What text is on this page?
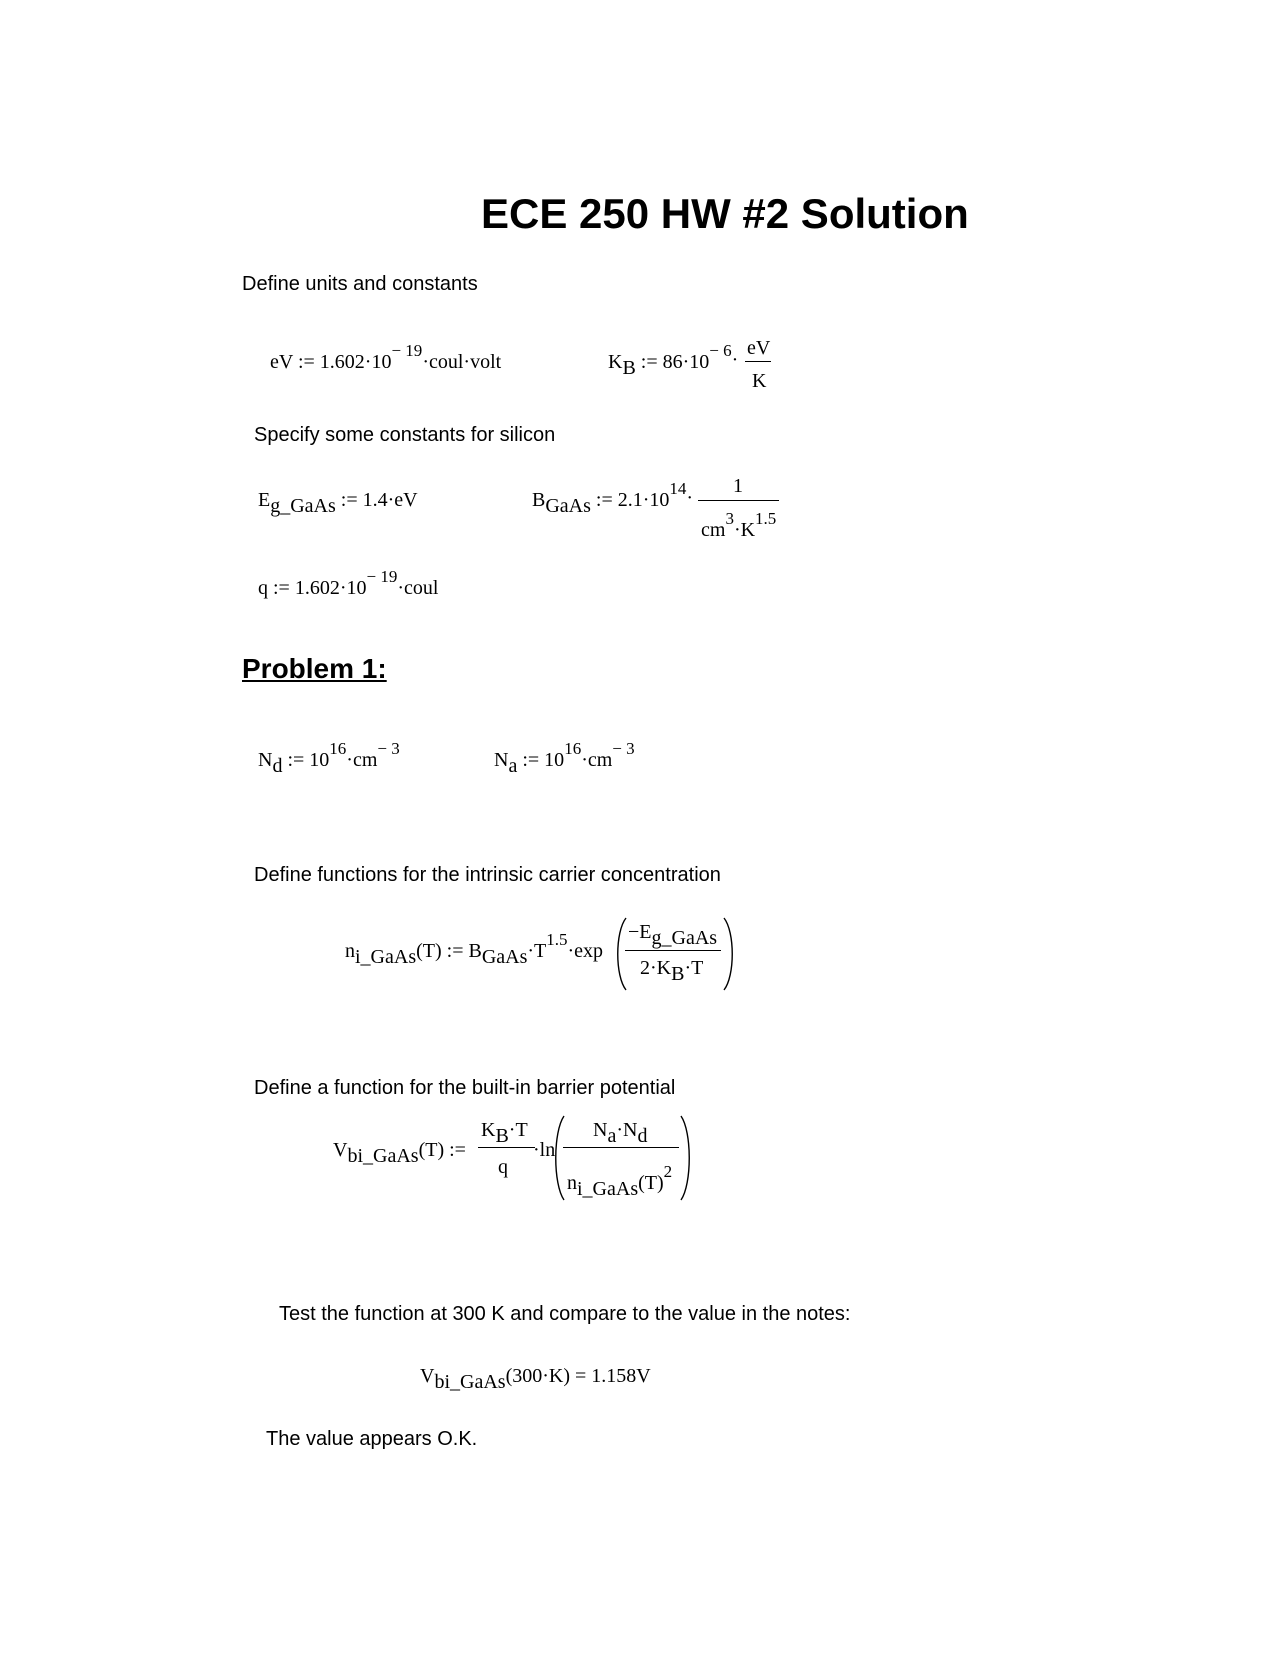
ECE 250 HW #2 Solution
Define units and constants
eV := $1.602\cdot 10^{- 19}\cdot coul\cdot volt$	KB := $86\cdot 10^{- 6}\cdot$
eV
K
Specify some constants for silicon
Eg_GaAs := 1.4·eV	BGaAs := $2.1\cdot 10^{14}\cdot$
1
$cm^3\cdot K^{1.5}$
q := $1.602\cdot 10^{- 19}\cdot coul$
Problem 1:
Nd := $10^{16}\cdot cm^{- 3}$
Na := $10^{16}\cdot cm^{- 3}$
Define functions for the intrinsic carrier concentration
ni_GaAs(T) := $BGaAs\cdot T^{1.5}\cdot\exp$
−Eg_GaAs
2·KB·T
Define a function for the built-in barrier potential
Vbi_GaAs(T) :=
KB·T
q
·ln
Na·Nd
$ni\_GaAs(T)^2$
Test the function at 300 K and compare to the value in the notes:
Vbi_GaAs(300·K) = 1.158V
The value appears O.K.
